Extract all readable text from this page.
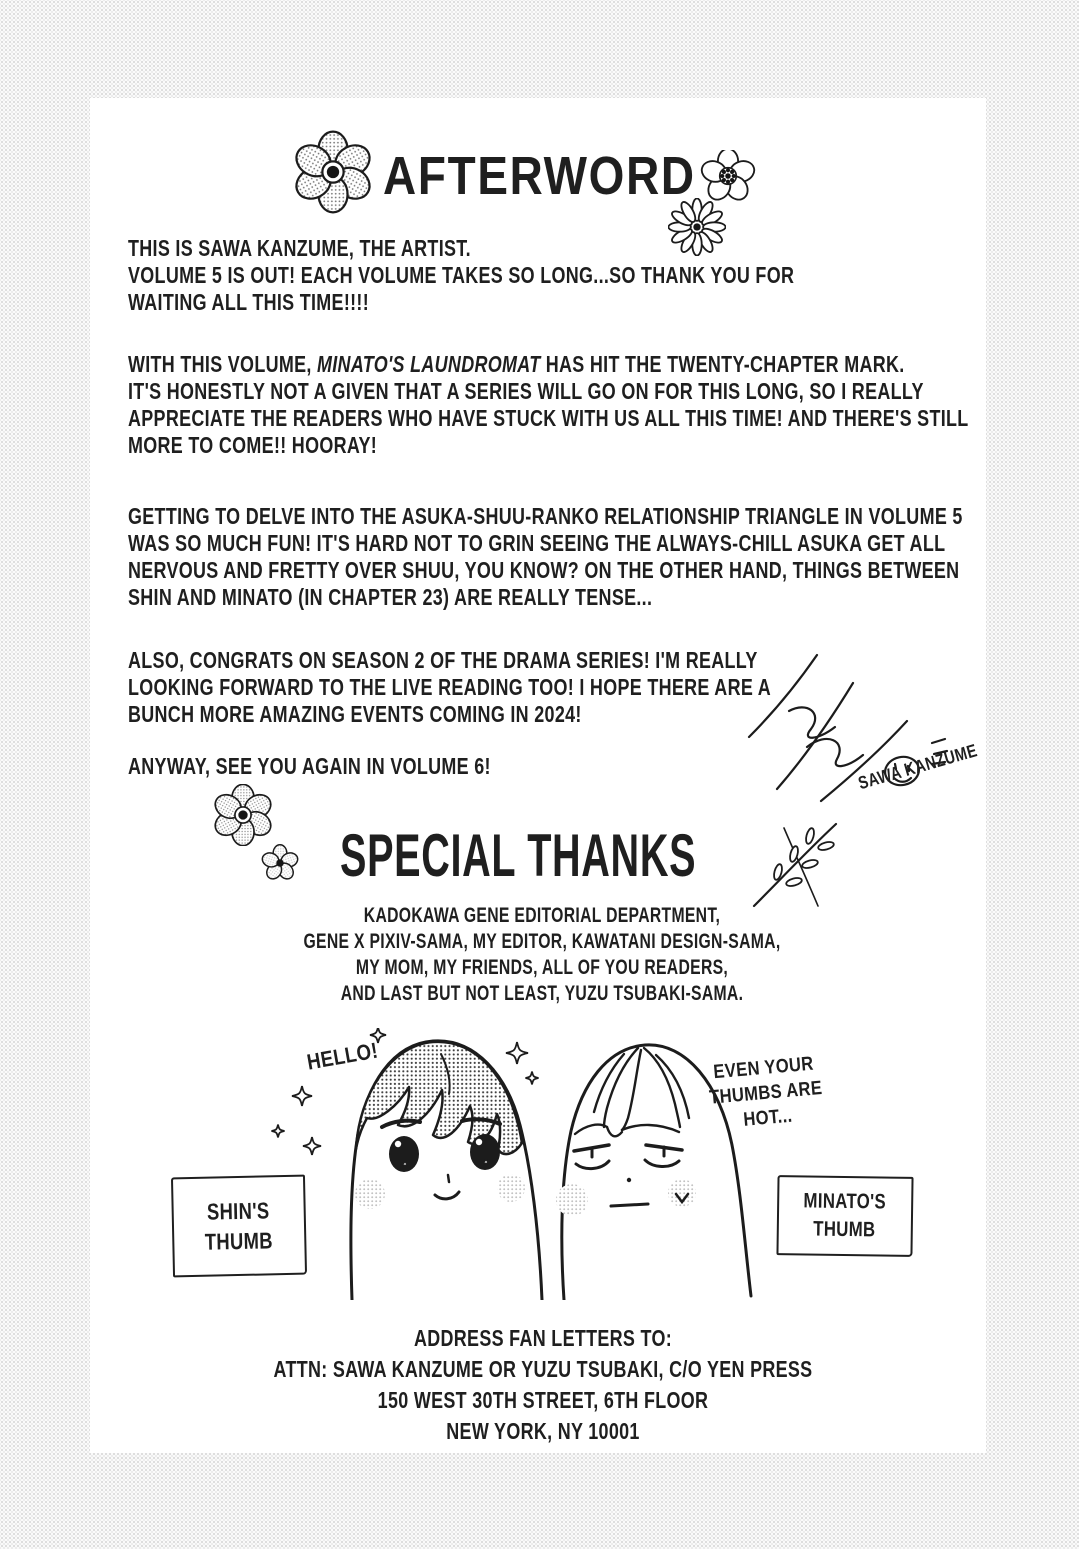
AFTERWORD
THIS IS SAWA KANZUME, THE ARTIST.
VOLUME 5 IS OUT! EACH VOLUME TAKES SO LONG...SO THANK YOU FOR
WAITING ALL THIS TIME!!!!
WITH THIS VOLUME, MINATO'S LAUNDROMAT HAS HIT THE TWENTY-CHAPTER MARK.
IT'S HONESTLY NOT A GIVEN THAT A SERIES WILL GO ON FOR THIS LONG, SO I REALLY
APPRECIATE THE READERS WHO HAVE STUCK WITH US ALL THIS TIME! AND THERE'S STILL
MORE TO COME!! HOORAY!
GETTING TO DELVE INTO THE ASUKA-SHUU-RANKO RELATIONSHIP TRIANGLE IN VOLUME 5
WAS SO MUCH FUN! IT'S HARD NOT TO GRIN SEEING THE ALWAYS-CHILL ASUKA GET ALL
NERVOUS AND FRETTY OVER SHUU, YOU KNOW? ON THE OTHER HAND, THINGS BETWEEN
SHIN AND MINATO (IN CHAPTER 23) ARE REALLY TENSE...
ALSO, CONGRATS ON SEASON 2 OF THE DRAMA SERIES! I'M REALLY
LOOKING FORWARD TO THE LIVE READING TOO! I HOPE THERE ARE A
BUNCH MORE AMAZING EVENTS COMING IN 2024!
ANYWAY, SEE YOU AGAIN IN VOLUME 6!	SAWA KANZUME
SPECIAL THANKS
KADOKAWA GENE EDITORIAL DEPARTMENT,
GENE X PIXIV-SAMA, MY EDITOR, KAWATANI DESIGN-SAMA,
MY MOM, MY FRIENDS, ALL OF YOU READERS,
AND LAST BUT NOT LEAST, YUZU TSUBAKI-SAMA.
HELLO!	EVEN YOUR
THUMBS ARE
HOT...
SHIN'S
THUMB
MINATO'S
THUMB
ADDRESS FAN LETTERS TO:
ATTN: SAWA KANZUME OR YUZU TSUBAKI, C/O YEN PRESS
150 WEST 30TH STREET, 6TH FLOOR
NEW YORK, NY 10001
